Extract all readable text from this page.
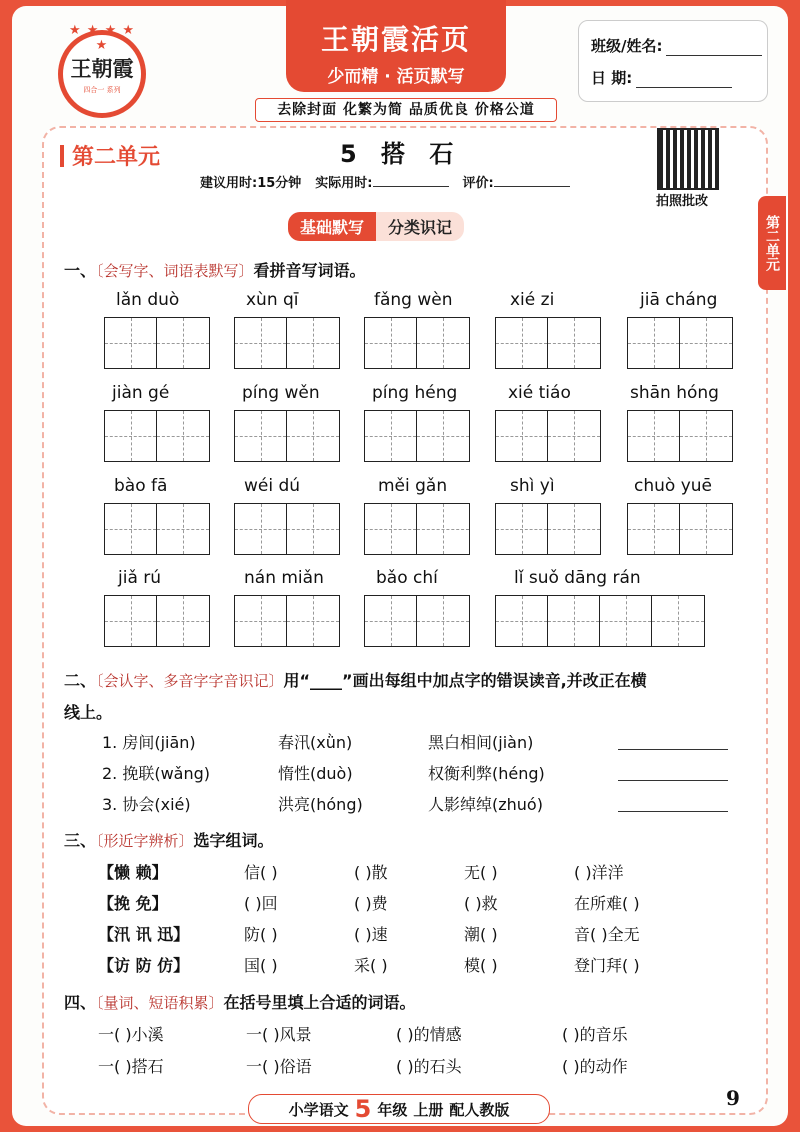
★ ★ ★ ★ ★
王朝霞
四合一 系列
王朝霞活页
少而精 · 活页默写
去除封面 化繁为简 品质优良 价格公道
班级/姓名:
日 期:
第二单元	5 搭 石
建议用时:15分钟 实际用时:	评价:
拍照批改
基础默写	分类识记	第二单元
一、〔会写字、词语表默写〕看拼音写词语。
lǎn duò	xùn qī	fǎng wèn	xié zi	jiā cháng
jiàn gé	píng wěn	píng héng	xié tiáo	shān hóng
bào fā	wéi dú	měi gǎn	shì yì	chuò yuē
jiǎ rú	nán miǎn	bǎo chí	lǐ suǒ dāng rán
二、〔会认字、多音字字音识记〕用“____”画出每组中加点字的错误读音,并改正在横
线上。
1. 房间(jiān)	春汛(xǜn)	黑白相间(jiàn)
2. 挽联(wǎng)	惰性(duò)	权衡利弊(héng)
3. 协会(xié)	洪亮(hóng)	人影绰绰(zhuó)
三、〔形近字辨析〕选字组词。
【懒 赖】	信( )	( )散	无( )	( )洋洋
【挽 免】	( )回	( )费	( )救	在所难( )
【汛 讯 迅】	防( )	( )速	潮( )	音( )全无
【访 防 仿】	国( )	采( )	模( )	登门拜( )
四、〔量词、短语积累〕在括号里填上合适的词语。
一( )小溪	一( )风景	( )的情感	( )的音乐
一( )搭石	一( )俗语	( )的石头	( )的动作
小学语文 5 年级 上册 配人教版	9
